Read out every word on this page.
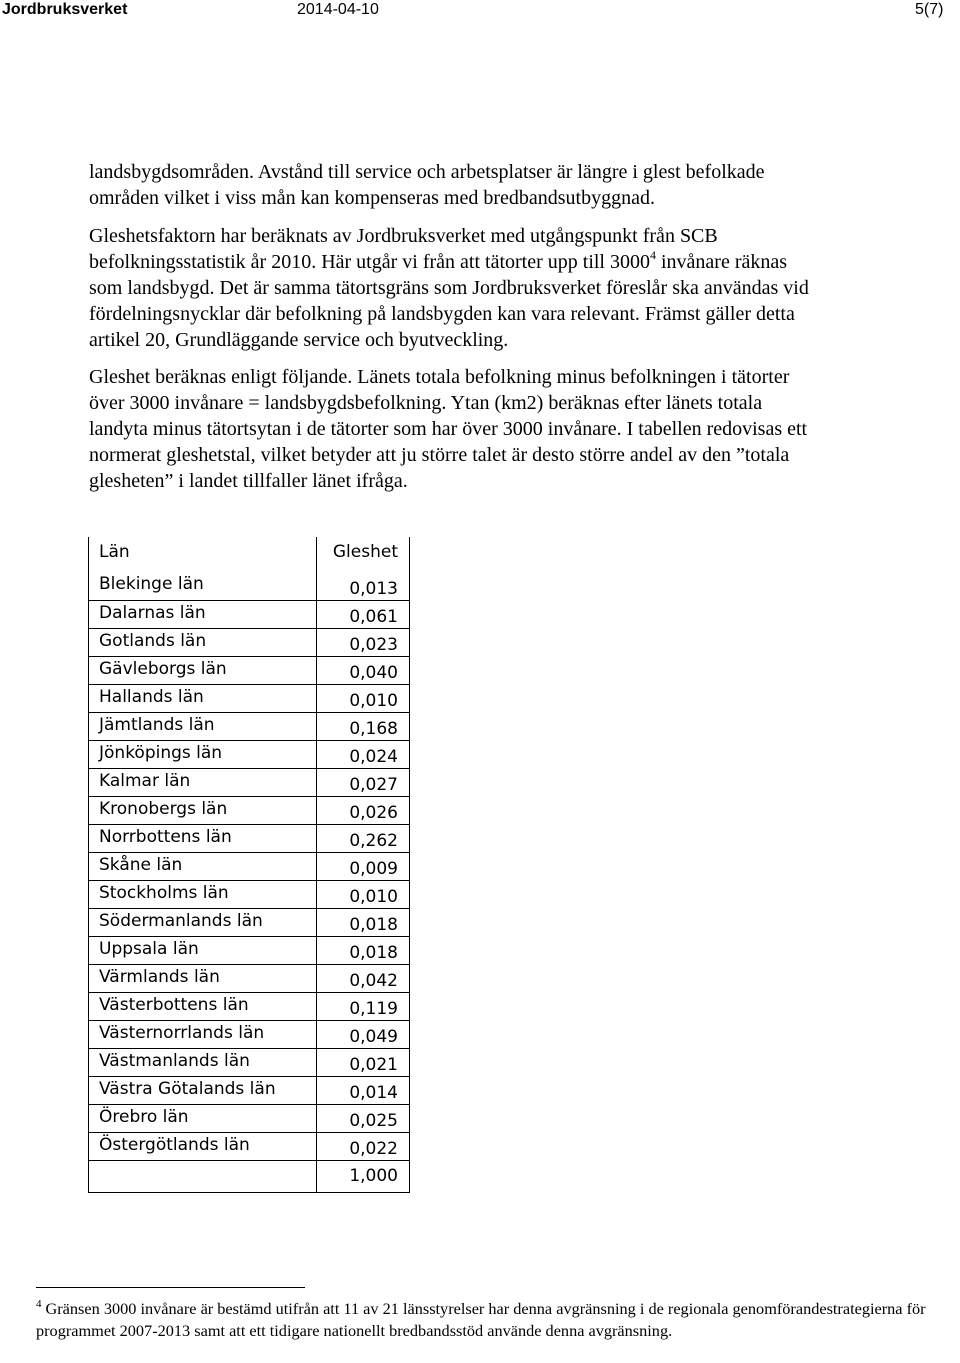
Jordbruksverket	2014-04-10	5(7)

landsbygdsområden. Avstånd till service och arbetsplatser är längre i glest befolkade områden vilket i viss mån kan kompenseras med bredbandsutbyggnad.

Gleshetsfaktorn har beräknats av Jordbruksverket med utgångspunkt från SCB befolkningsstatistik år 2010. Här utgår vi från att tätorter upp till 3000$^4$ invånare räknas som landsbygd. Det är samma tätortsgräns som Jordbruksverket föreslår ska användas vid fördelningsnycklar där befolkning på landsbygden kan vara relevant. Främst gäller detta artikel 20, Grundläggande service och byutveckling.

Gleshet beräknas enligt följande. Länets totala befolkning minus befolkningen i tätorter över 3000 invånare = landsbygdsbefolkning. Ytan (km2) beräknas efter länets totala landyta minus tätortsytan i de tätorter som har över 3000 invånare. I tabellen redovisas ett normerat gleshetstal, vilket betyder att ju större talet är desto större andel av den ”totala glesheten” i landet tillfaller länet ifråga.

Län	Gleshet
Blekinge län	0,013
Dalarnas län	0,061
Gotlands län	0,023
Gävleborgs län	0,040
Hallands län	0,010
Jämtlands län	0,168
Jönköpings län	0,024
Kalmar län	0,027
Kronobergs län	0,026
Norrbottens län	0,262
Skåne län	0,009
Stockholms län	0,010
Södermanlands län	0,018
Uppsala län	0,018
Värmlands län	0,042
Västerbottens län	0,119
Västernorrlands län	0,049
Västmanlands län	0,021
Västra Götalands län	0,014
Örebro län	0,025
Östergötlands län	0,022
	1,000
$^4$ Gränsen 3000 invånare är bestämd utifrån att 11 av 21 länsstyrelser har denna avgränsning i de regionala genomförandestrategierna för programmet 2007-2013 samt att ett tidigare nationellt bredbandsstöd använde denna avgränsning.
